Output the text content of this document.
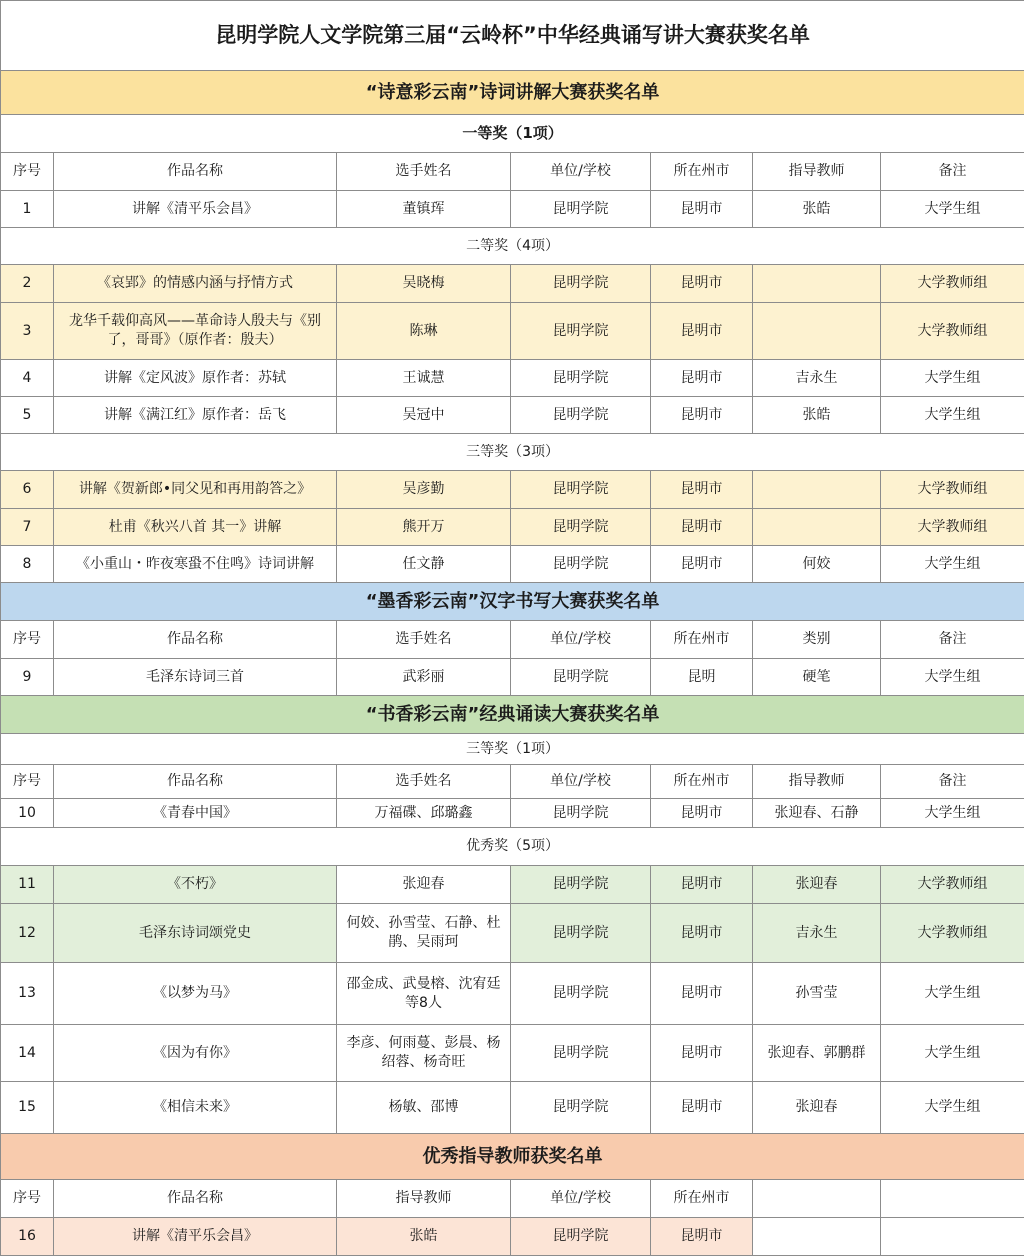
昆明学院人文学院第三届“云岭杯”中华经典诵写讲大赛获奖名单						
“诗意彩云南”诗词讲解大赛获奖名单						
一等奖（1项）						
序号	作品名称	选手姓名	单位/学校	所在州市	指导教师	备注
1	讲解《清平乐会昌》	董镇珲	昆明学院	昆明市	张皓	大学生组
二等奖（4项）						
2	《哀郢》的情感内涵与抒情方式	吴晓梅	昆明学院	昆明市		大学教师组
3	龙华千载仰高风——革命诗人殷夫与《别了，哥哥》（原作者：殷夫）	陈琳	昆明学院	昆明市		大学教师组
4	讲解《定风波》原作者：苏轼	王诚慧	昆明学院	昆明市	吉永生	大学生组
5	讲解《满江红》原作者：岳飞	吴冠中	昆明学院	昆明市	张皓	大学生组
三等奖（3项）						
6	讲解《贺新郎•同父见和再用韵答之》	吴彦勤	昆明学院	昆明市		大学教师组
7	杜甫《秋兴八首 其一》讲解	熊开万	昆明学院	昆明市		大学教师组
8	《小重山・昨夜寒蛩不住鸣》诗词讲解	任文静	昆明学院	昆明市	何姣	大学生组
“墨香彩云南”汉字书写大赛获奖名单						
序号	作品名称	选手姓名	单位/学校	所在州市	类别	备注
9	毛泽东诗词三首	武彩丽	昆明学院	昆明	硬笔	大学生组
“书香彩云南”经典诵读大赛获奖名单						
三等奖（1项）						
序号	作品名称	选手姓名	单位/学校	所在州市	指导教师	备注
10	《青春中国》	万福碟、邱璐鑫	昆明学院	昆明市	张迎春、石静	大学生组
优秀奖（5项）						
11	《不朽》	张迎春	昆明学院	昆明市	张迎春	大学教师组
12	毛泽东诗词颂党史	何姣、孙雪莹、石静、杜鹃、吴雨珂	昆明学院	昆明市	吉永生	大学教师组
13	《以梦为马》	邵金成、武曼榕、沈宥廷等8人	昆明学院	昆明市	孙雪莹	大学生组
14	《因为有你》	李彦、何雨蔓、彭晨、杨绍蓉、杨奇旺	昆明学院	昆明市	张迎春、郭鹏群	大学生组
15	《相信未来》	杨敏、邵博	昆明学院	昆明市	张迎春	大学生组
优秀指导教师获奖名单						
序号	作品名称	指导教师	单位/学校	所在州市		
16	讲解《清平乐会昌》	张皓	昆明学院	昆明市		
